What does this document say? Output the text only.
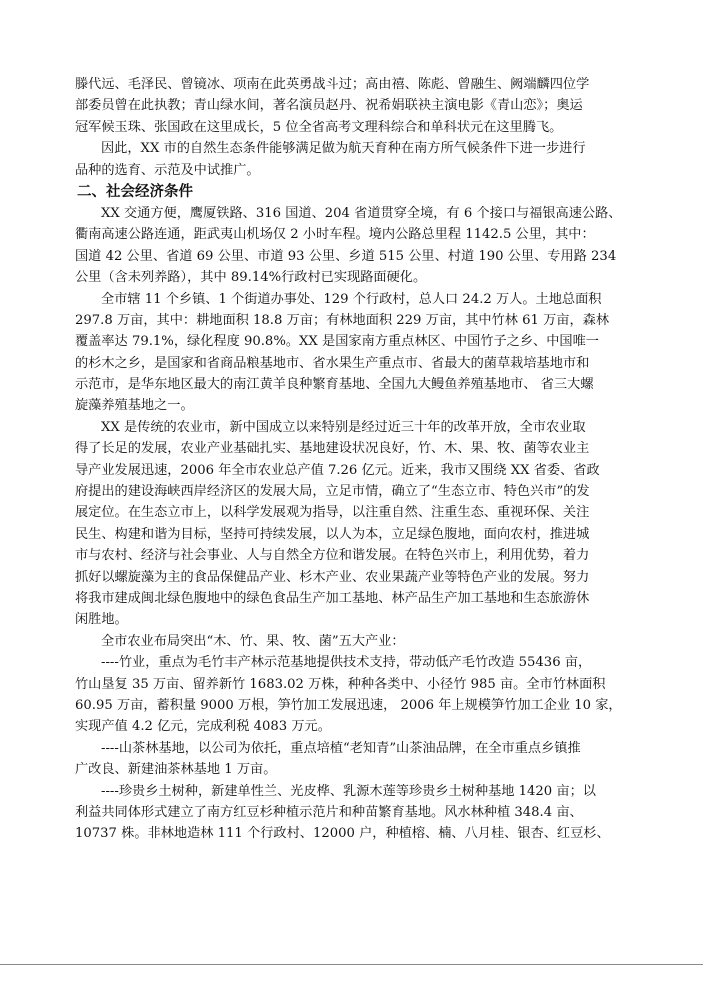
滕代远、毛泽民、曾镜冰、项南在此英勇战斗过；高由禧、陈彪、曾融生、阙端麟四位学
部委员曾在此执教；青山绿水间，著名演员赵丹、祝希娟联袂主演电影《青山恋》；奥运
冠军候玉珠、张国政在这里成长，5 位全省高考文理科综合和单科状元在这里腾飞。
因此，XX 市的自然生态条件能够满足做为航天育种在南方所气候条件下进一步进行
品种的选育、示范及中试推广。
二、社会经济条件
XX 交通方便，鹰厦铁路、316 国道、204 省道贯穿全境，有 6 个接口与福银高速公路、
衢南高速公路连通，距武夷山机场仅 2 小时车程。境内公路总里程 1142.5 公里，其中：
国道 42 公里、省道 69 公里、市道 93 公里、乡道 515 公里、村道 190 公里、专用路 234
公里（含未列养路），其中 89.14%行政村已实现路面硬化。
全市辖 11 个乡镇、1 个街道办事处、129 个行政村，总人口 24.2 万人。土地总面积
297.8 万亩，其中：耕地面积 18.8 万亩；有林地面积 229 万亩，其中竹林 61 万亩，森林
覆盖率达 79.1%，绿化程度 90.8%。XX 是国家南方重点林区、中国竹子之乡、中国唯一
的杉木之乡，是国家和省商品粮基地市、省水果生产重点市、省最大的菌草栽培基地市和
示范市，是华东地区最大的南江黄羊良种繁育基地、全国九大鳗鱼养殖基地市、 省三大螺
旋藻养殖基地之一。
XX 是传统的农业市，新中国成立以来特别是经过近三十年的改革开放，全市农业取
得了长足的发展，农业产业基础扎实、基地建设状况良好，竹、木、果、牧、菌等农业主
导产业发展迅速，2006 年全市农业总产值 7.26 亿元。近来，我市又围绕 XX 省委、省政
府提出的建设海峡西岸经济区的发展大局，立足市情，确立了“生态立市、特色兴市”的发
展定位。在生态立市上，以科学发展观为指导，以注重自然、注重生态、重视环保、关注
民生、构建和谐为目标，坚持可持续发展，以人为本，立足绿色腹地，面向农村，推进城
市与农村、经济与社会事业、人与自然全方位和谐发展。在特色兴市上，利用优势，着力
抓好以螺旋藻为主的食品保健品产业、杉木产业、农业果蔬产业等特色产业的发展。努力
将我市建成闽北绿色腹地中的绿色食品生产加工基地、林产品生产加工基地和生态旅游休
闲胜地。
全市农业布局突出“木、竹、果、牧、菌”五大产业：
----竹业，重点为毛竹丰产林示范基地提供技术支持，带动低产毛竹改造 55436 亩，
竹山垦复 35 万亩、留养新竹 1683.02 万株，种种各类中、小径竹 985 亩。全市竹林面积
60.95 万亩，蓄积量 9000 万根，笋竹加工发展迅速， 2006 年上规模笋竹加工企业 10 家，
实现产值 4.2 亿元，完成利税 4083 万元。
----山茶林基地，以公司为依托，重点培植“老知青”山茶油品牌，在全市重点乡镇推
广改良、新建油茶林基地 1 万亩。
----珍贵乡土树种，新建单性兰、光皮桦、乳源木莲等珍贵乡土树种基地 1420 亩；以
利益共同体形式建立了南方红豆杉种植示范片和种苗繁育基地。风水林种植 348.4 亩、
10737 株。非林地造林 111 个行政村、12000 户，种植榕、楠、八月桂、银杏、红豆杉、
